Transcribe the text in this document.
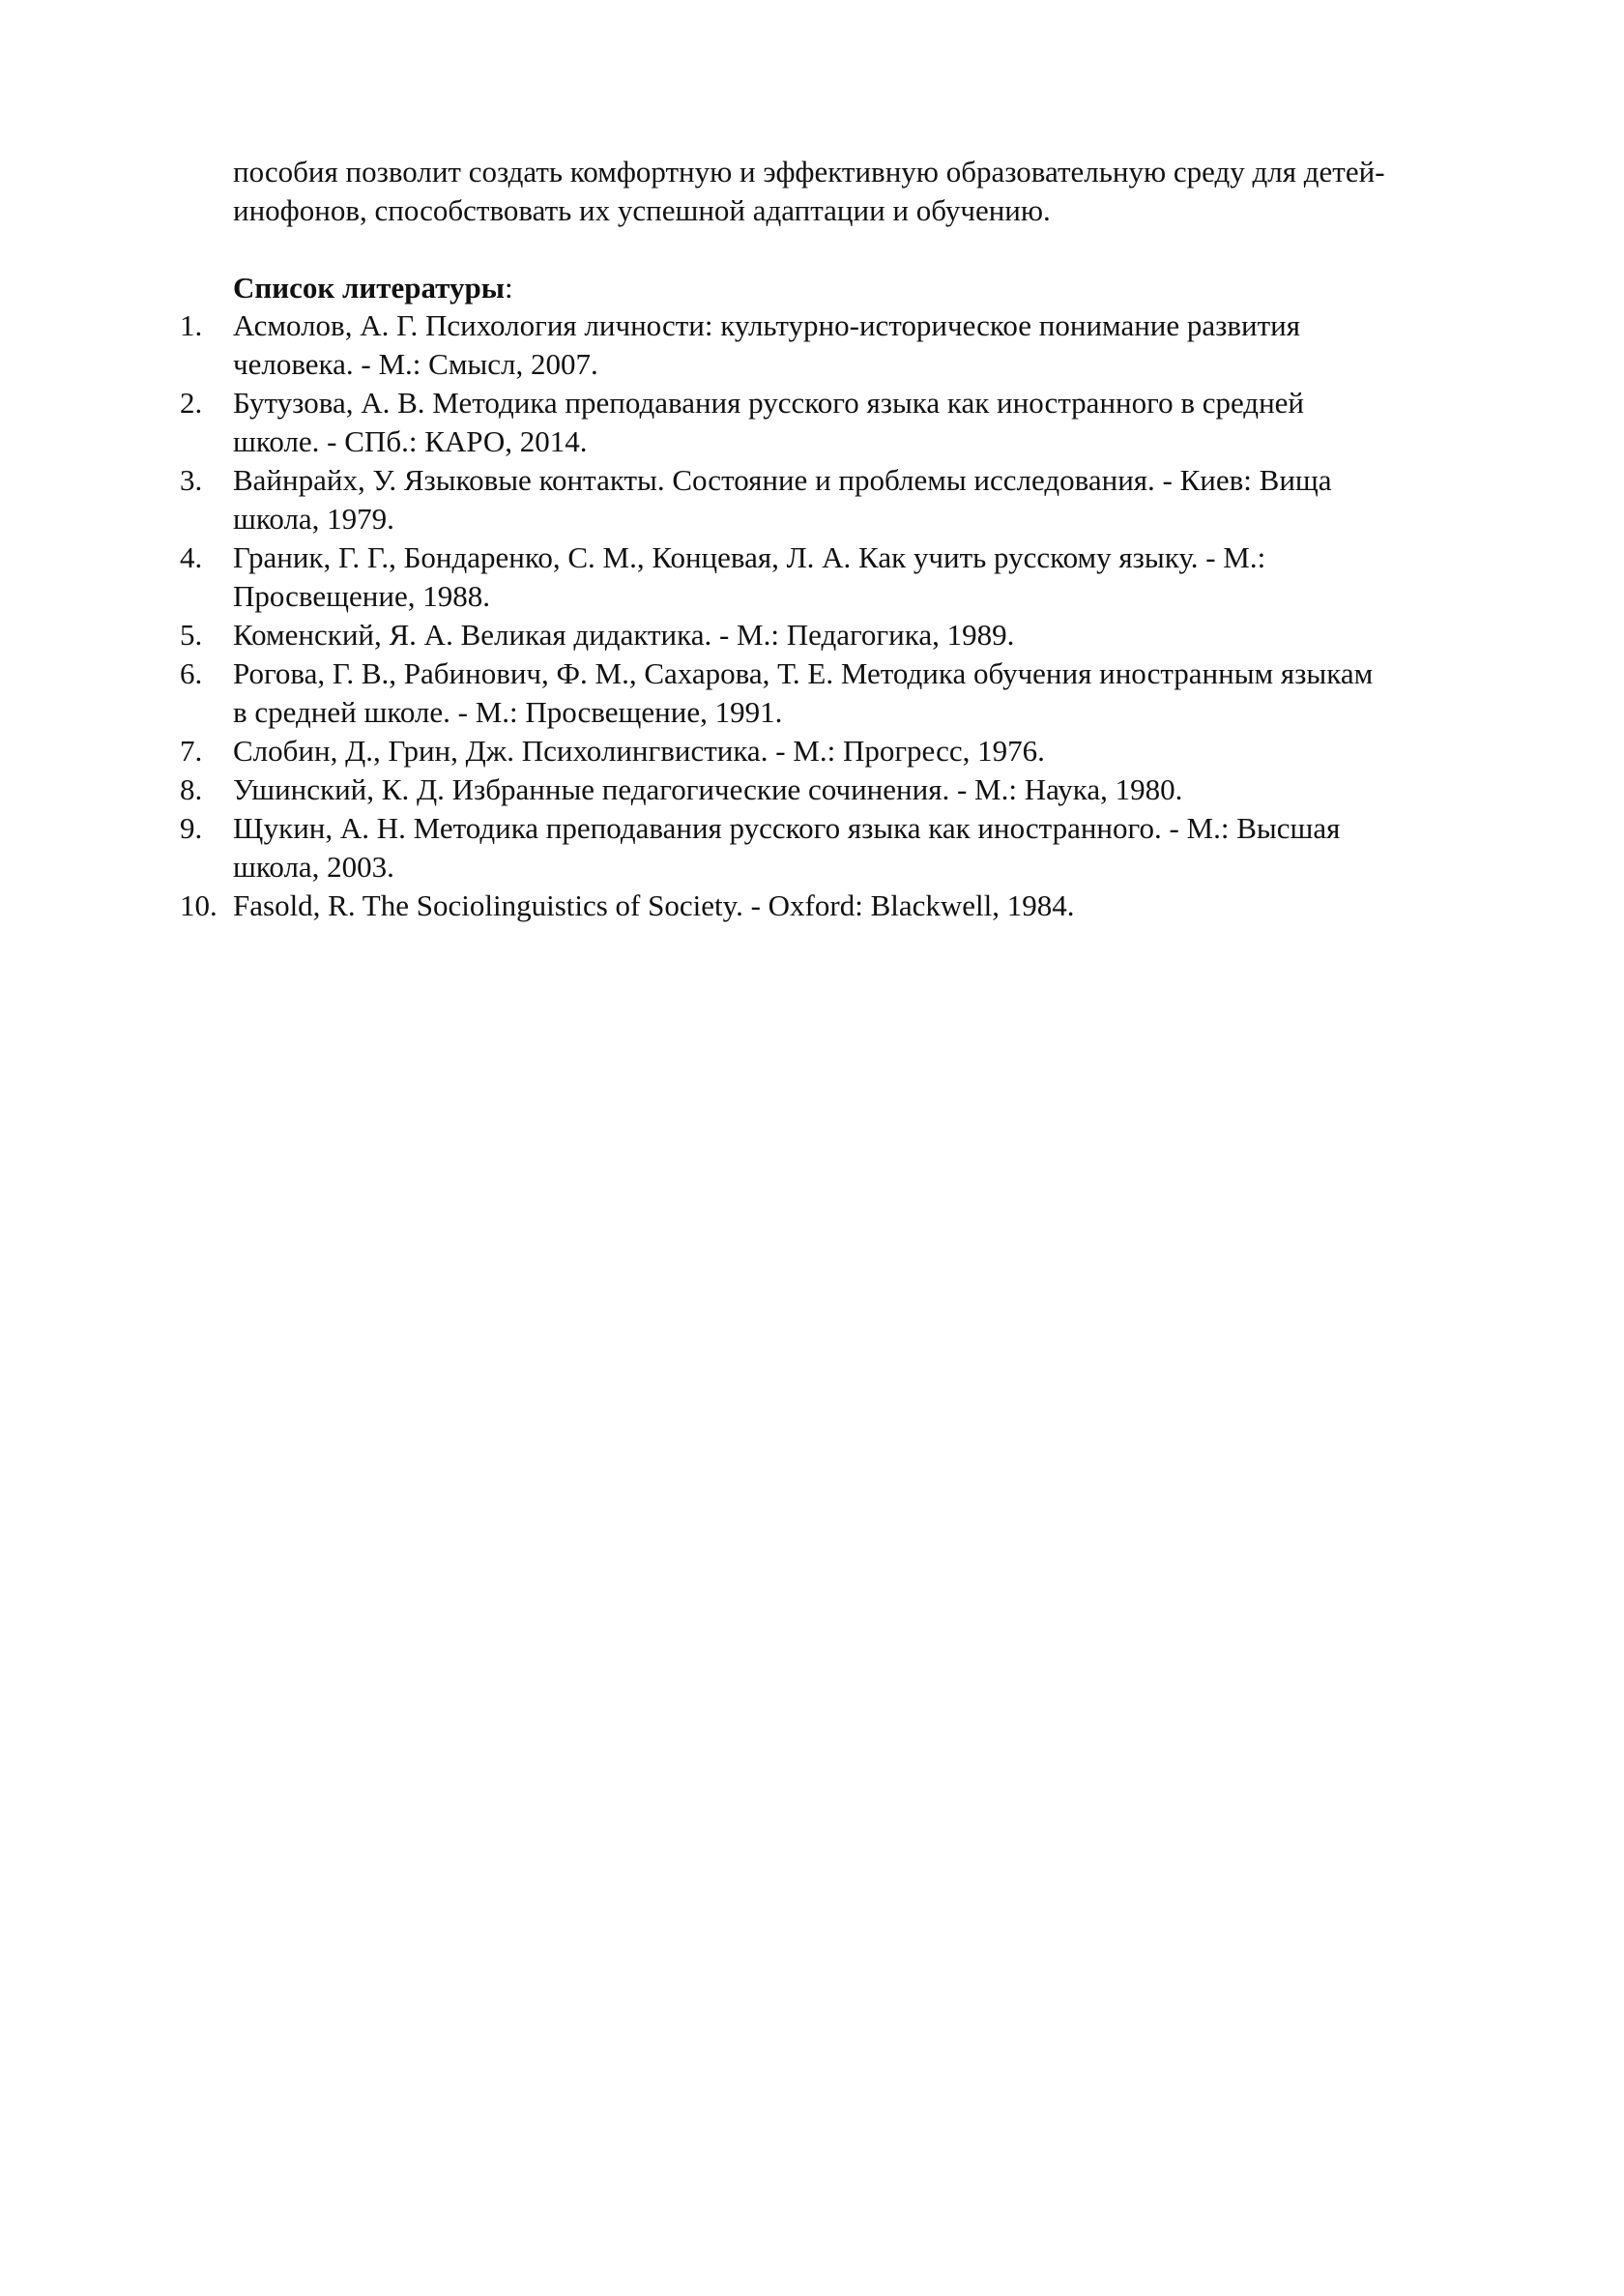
пособия позволит создать комфортную и эффективную образовательную среду для детей-
инофонов, способствовать их успешной адаптации и обучению.

Список литературы:

1. Асмолов, А. Г. Психология личности: культурно-историческое понимание развития
человека. - М.: Смысл, 2007.
2. Бутузова, А. В. Методика преподавания русского языка как иностранного в средней
школе. - СПб.: КАРО, 2014.
3. Вайнрайх, У. Языковые контакты. Состояние и проблемы исследования. - Киев: Вища
школа, 1979.
4. Граник, Г. Г., Бондаренко, С. М., Концевая, Л. А. Как учить русскому языку. - М.:
Просвещение, 1988.
5. Коменский, Я. А. Великая дидактика. - М.: Педагогика, 1989.
6. Рогова, Г. В., Рабинович, Ф. М., Сахарова, Т. Е. Методика обучения иностранным языкам
в средней школе. - М.: Просвещение, 1991.
7. Слобин, Д., Грин, Дж. Психолингвистика. - М.: Прогресс, 1976.
8. Ушинский, К. Д. Избранные педагогические сочинения. - М.: Наука, 1980.
9. Щукин, А. Н. Методика преподавания русского языка как иностранного. - М.: Высшая
школа, 2003.
10. Fasold, R. The Sociolinguistics of Society. - Oxford: Blackwell, 1984.
